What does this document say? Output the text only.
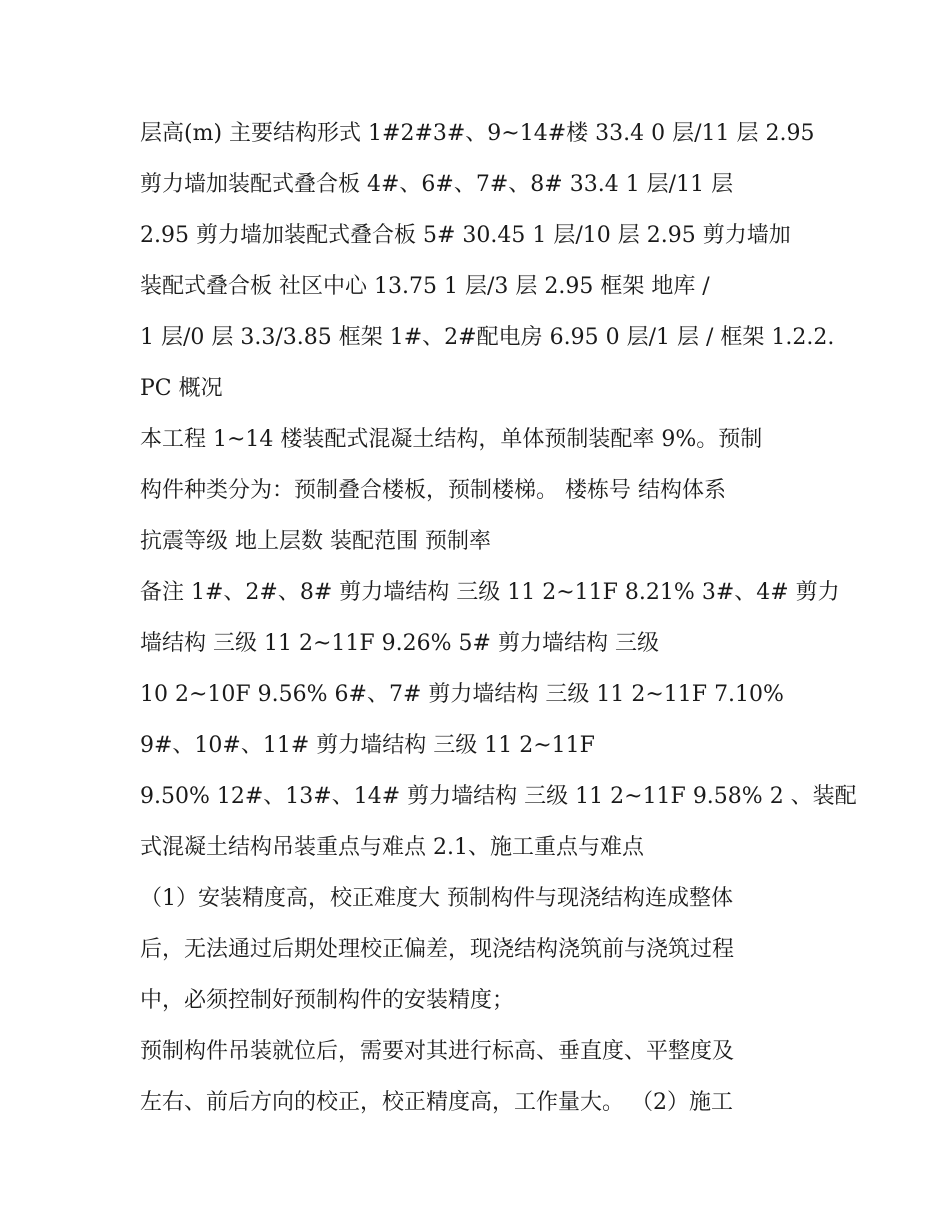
层高(m) 主要结构形式 1#2#3#、9~14#楼 33.4 0 层/11 层 2.95
剪力墙加装配式叠合板 4#、6#、7#、8# 33.4 1 层/11 层
2.95 剪力墙加装配式叠合板 5# 30.45 1 层/10 层 2.95 剪力墙加
装配式叠合板 社区中心 13.75 1 层/3 层 2.95 框架 地库 /
1 层/0 层 3.3/3.85 框架 1#、2#配电房 6.95 0 层/1 层 / 框架 1.2.2.
PC 概况
本工程 1~14 楼装配式混凝土结构，单体预制装配率 9%。预制
构件种类分为：预制叠合楼板，预制楼梯。 楼栋号 结构体系
抗震等级 地上层数 装配范围 预制率
备注 1#、2#、8# 剪力墙结构 三级 11 2~11F 8.21% 3#、4# 剪力
墙结构 三级 11 2~11F 9.26% 5# 剪力墙结构 三级
10 2~10F 9.56% 6#、7# 剪力墙结构 三级 11 2~11F 7.10%
9#、10#、11# 剪力墙结构 三级 11 2~11F
9.50% 12#、13#、14# 剪力墙结构 三级 11 2~11F 9.58% 2 、装配
式混凝土结构吊装重点与难点 2.1、施工重点与难点
（1）安装精度高，校正难度大 预制构件与现浇结构连成整体
后，无法通过后期处理校正偏差，现浇结构浇筑前与浇筑过程
中，必须控制好预制构件的安装精度；
预制构件吊装就位后，需要对其进行标高、垂直度、平整度及
左右、前后方向的校正，校正精度高，工作量大。 （2）施工
